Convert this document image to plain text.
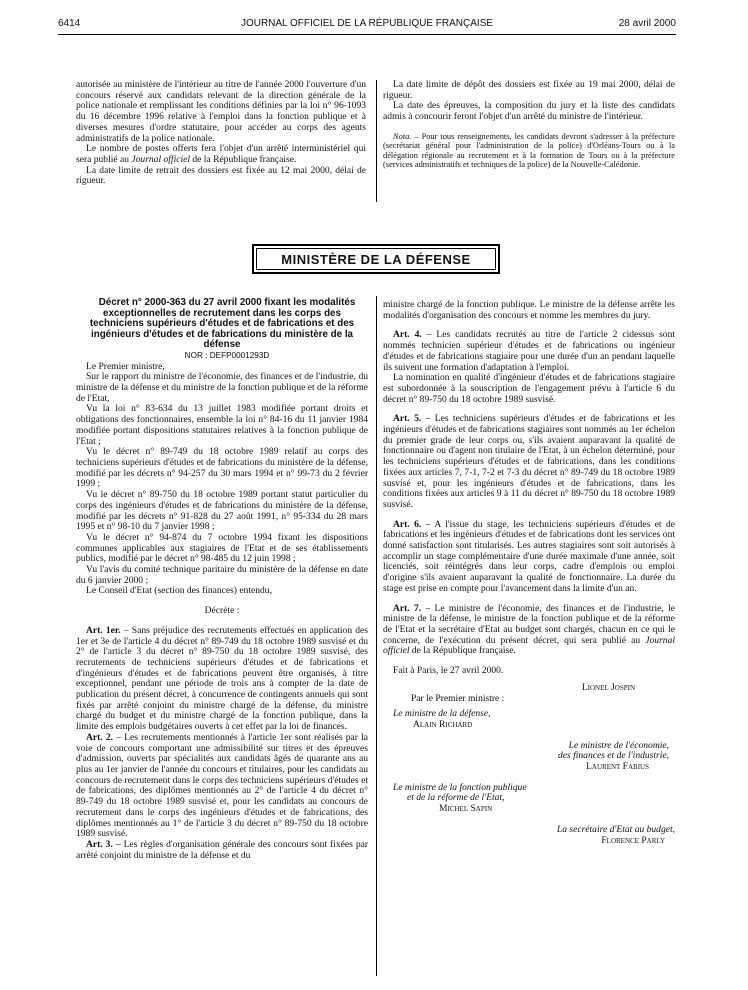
6414	JOURNAL OFFICIEL DE LA RÉPUBLIQUE FRANÇAISE	28 avril 2000

autorisée au ministère de l'intérieur au titre de l'année 2000 l'ouverture d'un concours réservé aux candidats relevant de la direction générale de la police nationale et remplissant les conditions définies par la loi n° 96-1093 du 16 décembre 1996 relative à l'emploi dans la fonction publique et à diverses mesures d'ordre statutaire, pour accéder au corps des agents administratifs de la police nationale.

Le nombre de postes offerts fera l'objet d'un arrêté interministériel qui sera publié au Journal officiel de la République française.

La date limite de retrait des dossiers est fixée au 12 mai 2000, délai de rigueur.

La date limite de dépôt des dossiers est fixée au 19 mai 2000, délai de rigueur.

La date des épreuves, la composition du jury et la liste des candidats admis à concourir feront l'objet d'un arrêté du ministre de l'intérieur.

Nota. – Pour tous renseignements, les candidats devront s'adresser à la préfecture (secrétariat général pour l'administration de la police) d'Orléans-Tours ou à la délégation régionale au recrutement et à la formation de Tours ou à la préfecture (services administratifs et techniques de la police) de la Nouvelle-Calédonie.

MINISTÈRE DE LA DÉFENSE

Décret n° 2000-363 du 27 avril 2000 fixant les modalités exceptionnelles de recrutement dans les corps des techniciens supérieurs d'études et de fabrications et des ingénieurs d'études et de fabrications du ministère de la défense

NOR : DEFP0001293D

Le Premier ministre,

Sur le rapport du ministre de l'économie, des finances et de l'industrie, du ministre de la défense et du ministre de la fonction publique et de la réforme de l'Etat,

Vu la loi n° 83-634 du 13 juillet 1983 modifiée portant droits et obligations des fonctionnaires, ensemble la loi n° 84-16 du 11 janvier 1984 modifiée portant dispositions statutaires relatives à la fonction publique de l'Etat ;

Vu le décret n° 89-749 du 18 octobre 1989 relatif au corps des techniciens supérieurs d'études et de fabrications du ministère de la défense, modifié par les décrets n° 94-257 du 30 mars 1994 et n° 99-73 du 2 février 1999 ;

Vu le décret n° 89-750 du 18 octobre 1989 portant statut particulier du corps des ingénieurs d'études et de fabrications du ministère de la défense, modifié par les décrets n° 91-828 du 27 août 1991, n° 95-334 du 28 mars 1995 et n° 98-10 du 7 janvier 1998 ;

Vu le décret n° 94-874 du 7 octobre 1994 fixant les dispositions communes applicables aux stagiaires de l'Etat et de ses établissements publics, modifié par le décret n° 98-485 du 12 juin 1998 ;

Vu l'avis du comité technique paritaire du ministère de la défense en date du 6 janvier 2000 ;

Le Conseil d'Etat (section des finances) entendu,

Décrète :

Art. 1er. – Sans préjudice des recrutements effectués en application des 1er et 3e de l'article 4 du décret n° 89-749 du 18 octobre 1989 susvisé et du 2° de l'article 3 du décret n° 89-750 du 18 octobre 1989 susvisé, des recrutements de techniciens supérieurs d'études et de fabrications et d'ingénieurs d'études et de fabrications peuvent être organisés, à titre exceptionnel, pendant une période de trois ans à compter de la date de publication du présent décret, à concurrence de contingents annuels qui sont fixés par arrêté conjoint du ministre chargé de la défense, du ministre chargé du budget et du ministre chargé de la fonction publique, dans la limite des emplois budgétaires ouverts à cet effet par la loi de finances.

Art. 2. – Les recrutements mentionnés à l'article 1er sont réalisés par la voie de concours comportant une admissibilité sur titres et des épreuves d'admission, ouverts par spécialités aux candidats âgés de quarante ans au plus au 1er janvier de l'année du concours et titulaires, pour les candidats au concours de recrutement dans le corps des techniciens supérieurs d'études et de fabrications, des diplômes mentionnés au 2° de l'article 4 du décret n° 89-749 du 18 octobre 1989 susvisé et, pour les candidats au concours de recrutement dans le corps des ingénieurs d'études et de fabrications, des diplômes mentionnés au 1° de l'article 3 du décret n° 89-750 du 18 octobre 1989 susvisé.

Art. 3. – Les règles d'organisation générale des concours sont fixées par arrêté conjoint du ministre de la défense et du

ministre chargé de la fonction publique. Le ministre de la défense arrête les modalités d'organisation des concours et nomme les membres du jury.

Art. 4. – Les candidats recrutés au titre de l'article 2 cidessus sont nommés technicien supérieur d'études et de fabrications ou ingénieur d'études et de fabrications stagiaire pour une durée d'un an pendant laquelle ils suivent une formation d'adaptation à l'emploi.

La nomination en qualité d'ingénieur d'études et de fabrications stagiaire est subordonnée à la souscription de l'engagement prévu à l'article 6 du décret n° 89-750 du 18 octobre 1989 susvisé.

Art. 5. – Les techniciens supérieurs d'études et de fabrications et les ingénieurs d'études et de fabrications stagiaires sont nommés au 1er échelon du premier grade de leur corps ou, s'ils avaient auparavant la qualité de fonctionnaire ou d'agent non titulaire de l'Etat, à un échelon déterminé, pour les techniciens supérieurs d'études et de fabrications, dans les conditions fixées aux articles 7, 7-1, 7-2 et 7-3 du décret n° 89-749 du 18 octobre 1989 susvisé et, pour les ingénieurs d'études et de fabrications, dans les conditions fixées aux articles 9 à 11 du décret n° 89-750 du 18 octobre 1989 susvisé.

Art. 6. – A l'issue du stage, les techniciens supérieurs d'études et de fabrications et les ingénieurs d'études et de fabrications dont les services ont donné satisfaction sont titularisés. Les autres stagiaires sont soit autorisés à accomplir un stage complémentaire d'une durée maximale d'une année, soit licenciés, soit réintégrés dans leur corps, cadre d'emplois ou emploi d'origine s'ils avaient auparavant la qualité de fonctionnaire. La durée du stage est prise en compte pour l'avancement dans la limite d'un an.

Art. 7. – Le ministre de l'économie, des finances et de l'industrie, le ministre de la défense, le ministre de la fonction publique et de la réforme de l'Etat et la secrétaire d'Etat au budget sont chargés, chacun en ce qui le concerne, de l'exécution du présent décret, qui sera publié au Journal officiel de la République française.

Fait à Paris, le 27 avril 2000.

Lionel Jospin

Par le Premier ministre :

Le ministre de la défense,

Alain Richard

Le ministre de l'économie,

des finances et de l'industrie,

Laurent Fabius

Le ministre de la fonction publique

et de la réforme de l'Etat,

Michel Sapin

La secrétaire d'Etat au budget,

Florence Parly
